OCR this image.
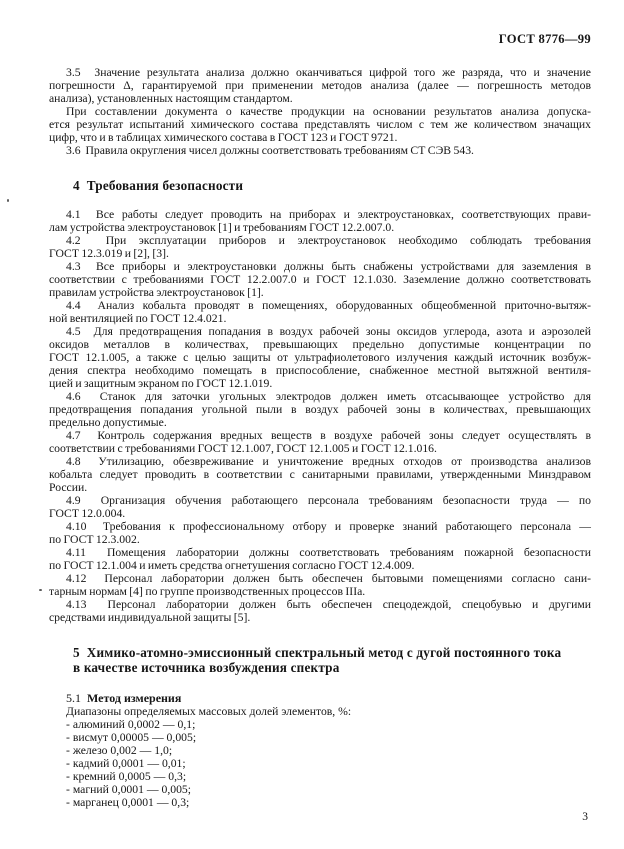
ГОСТ 8776—99
3.5  Значение результата анализа должно оканчиваться цифрой того же разряда, что и значение
погрешности Δ, гарантируемой при применении методов анализа (далее — погрешность методов
анализа), установленных настоящим стандартом.
При составлении документа о качестве продукции на основании результатов анализа допуска-
ется результат испытаний химического состава представлять числом с тем же количеством значащих
цифр, что и в таблицах химического состава в ГОСТ 123 и ГОСТ 9721.
3.6  Правила округления чисел должны соответствовать требованиям СТ СЭВ 543.
4  Требования безопасности
4.1  Все работы следует проводить на приборах и электроустановках, соответствующих прави-
лам устройства электроустановок [1] и требованиям ГОСТ 12.2.007.0.
4.2  При эксплуатации приборов и электроустановок необходимо соблюдать требования
ГОСТ 12.3.019 и [2], [3].
4.3  Все приборы и электроустановки должны быть снабжены устройствами для заземления в
соответствии с требованиями ГОСТ 12.2.007.0 и ГОСТ 12.1.030. Заземление должно соответствовать
правилам устройства электроустановок [1].
4.4  Анализ кобальта проводят в помещениях, оборудованных общеобменной приточно-вытяж-
ной вентиляцией по ГОСТ 12.4.021.
4.5  Для предотвращения попадания в воздух рабочей зоны оксидов углерода, азота и аэрозолей
оксидов металлов в количествах, превышающих предельно допустимые концентрации по
ГОСТ 12.1.005, а также с целью защиты от ультрафиолетового излучения каждый источник возбуж-
дения спектра необходимо помещать в приспособление, снабженное местной вытяжной вентиля-
цией и защитным экраном по ГОСТ 12.1.019.
4.6  Станок для заточки угольных электродов должен иметь отсасывающее устройство для
предотвращения попадания угольной пыли в воздух рабочей зоны в количествах, превышающих
предельно допустимые.
4.7  Контроль содержания вредных веществ в воздухе рабочей зоны следует осуществлять в
соответствии с требованиями ГОСТ 12.1.007, ГОСТ 12.1.005 и ГОСТ 12.1.016.
4.8  Утилизацию, обезвреживание и уничтожение вредных отходов от производства анализов
кобальта следует проводить в соответствии с санитарными правилами, утвержденными Минздравом
России.
4.9  Организация обучения работающего персонала требованиям безопасности труда — по
ГОСТ 12.0.004.
4.10  Требования к профессиональному отбору и проверке знаний работающего персонала —
по ГОСТ 12.3.002.
4.11  Помещения лаборатории должны соответствовать требованиям пожарной безопасности
по ГОСТ 12.1.004 и иметь средства огнетушения согласно ГОСТ 12.4.009.
4.12  Персонал лаборатории должен быть обеспечен бытовыми помещениями согласно сани-
тарным нормам [4] по группе производственных процессов IIIа.
4.13  Персонал лаборатории должен быть обеспечен спецодеждой, спецобувью и другими
средствами индивидуальной защиты [5].
5  Химико-атомно-эмиссионный спектральный метод с дугой постоянного тока
в качестве источника возбуждения спектра
5.1 Метод измерения
Диапазоны определяемых массовых долей элементов, %:
- алюминий 0,0002 — 0,1;
- висмут 0,00005 — 0,005;
- железо 0,002 — 1,0;
- кадмий 0,0001 — 0,01;
- кремний 0,0005 — 0,3;
- магний 0,0001 — 0,005;
- марганец 0,0001 — 0,3;
3
